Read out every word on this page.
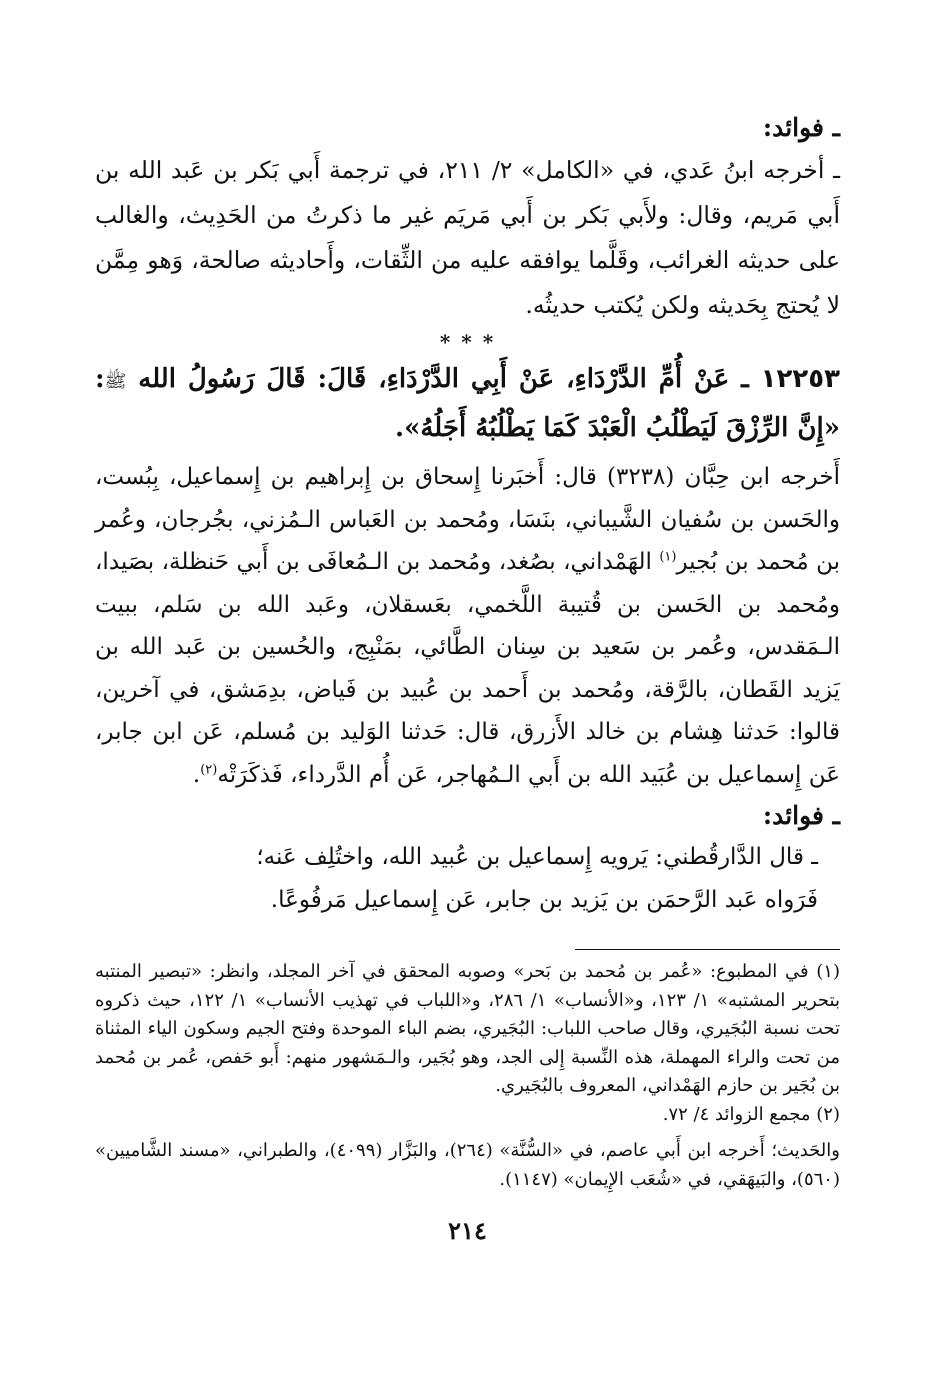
ـ فوائد:

ـ أخرجه ابنُ عَدي، في «الكامل» ٢/ ٢١١، في ترجمة أَبي بَكر بن عَبد الله بن أَبي مَريم، وقال: ولأَبي بَكر بن أَبي مَريَم غير ما ذكرتُ من الحَدِيث، والغالب على حديثه الغرائب، وقَلَّما يوافقه عليه من الثِّقات، وأَحاديثه صالحة، وَهو مِمَّن لا يُحتج بِحَديثه ولكن يُكتب حديثُه.

* * *

١٢٢٥٣ ـ عَنْ أُمِّ الدَّرْدَاءِ، عَنْ أَبِي الدَّرْدَاءِ، قَالَ: قَالَ رَسُولُ الله ﷺ: «إِنَّ الرِّزْقَ لَيَطْلُبُ الْعَبْدَ كَمَا يَطْلُبُهُ أَجَلُهُ».

أَخرجه ابن حِبَّان (٣٢٣٨) قال: أَخبَرنا إِسحاق بن إِبراهيم بن إِسماعيل، بِبُست، والحَسن بن سُفيان الشَّيباني، بنَسَا، ومُحمد بن العَباس الـمُزني، بجُرجان، وعُمر بن مُحمد بن بُجير$^{(١)}$ الهَمْداني، بصُغد، ومُحمد بن الـمُعافَى بن أَبي حَنظلة، بصَيدا، ومُحمد بن الحَسن بن قُتيبة اللَّخمي، بعَسقلان، وعَبد الله بن سَلم، ببيت الـمَقدس، وعُمر بن سَعيد بن سِنان الطَّائي، بمَنْبِج، والحُسين بن عَبد الله بن يَزيد القَطان، بالرَّقة، ومُحمد بن أَحمد بن عُبيد بن فَياض، بدِمَشق، في آخرين، قالوا: حَدثنا هِشام بن خالد الأَزرق، قال: حَدثنا الوَليد بن مُسلم، عَن ابن جابر، عَن إِسماعيل بن عُبَيد الله بن أَبي الـمُهاجر، عَن أُم الدَّرداء، فَذكَرَتْه$^{(٢)}$.

ـ فوائد:

ـ قال الدَّارقُطني: يَرويه إِسماعيل بن عُبيد الله، واختُلِف عَنه؛

فَرَواه عَبد الرَّحمَن بن يَزيد بن جابر، عَن إِسماعيل مَرفُوعًا.

(١) في المطبوع: «عُمر بن مُحمد بن بَحر» وصوبه المحقق في آخر المجلد، وانظر: «تبصير المنتبه بتحرير المشتبه» ١/ ١٢٣، و«الأنساب» ١/ ٢٨٦، و«اللباب في تهذيب الأنساب» ١/ ١٢٢، حيث ذكروه تحت نسبة البُجَيري، وقال صاحب اللباب: البُجَيري، بضم الباء الموحدة وفتح الجيم وسكون الياء المثناة من تحت والراء المهملة، هذه النِّسبة إِلى الجد، وهو بُجَير، والـمَشهور منهم: أَبو حَفص، عُمر بن مُحمد بن بُجَير بن حازم الهَمْداني، المعروف بالبُجَيري.

(٢) مجمع الزوائد ٤/ ٧٢.

والحَديث؛ أَخرجه ابن أَبي عاصم، في «السُّنَّة» (٢٦٤)، والبَزَّار (٤٠٩٩)، والطبراني، «مسند الشَّاميين» (٥٦٠)، والبَيهَقي، في «شُعَب الإِيمان» (١١٤٧).

٢١٤
